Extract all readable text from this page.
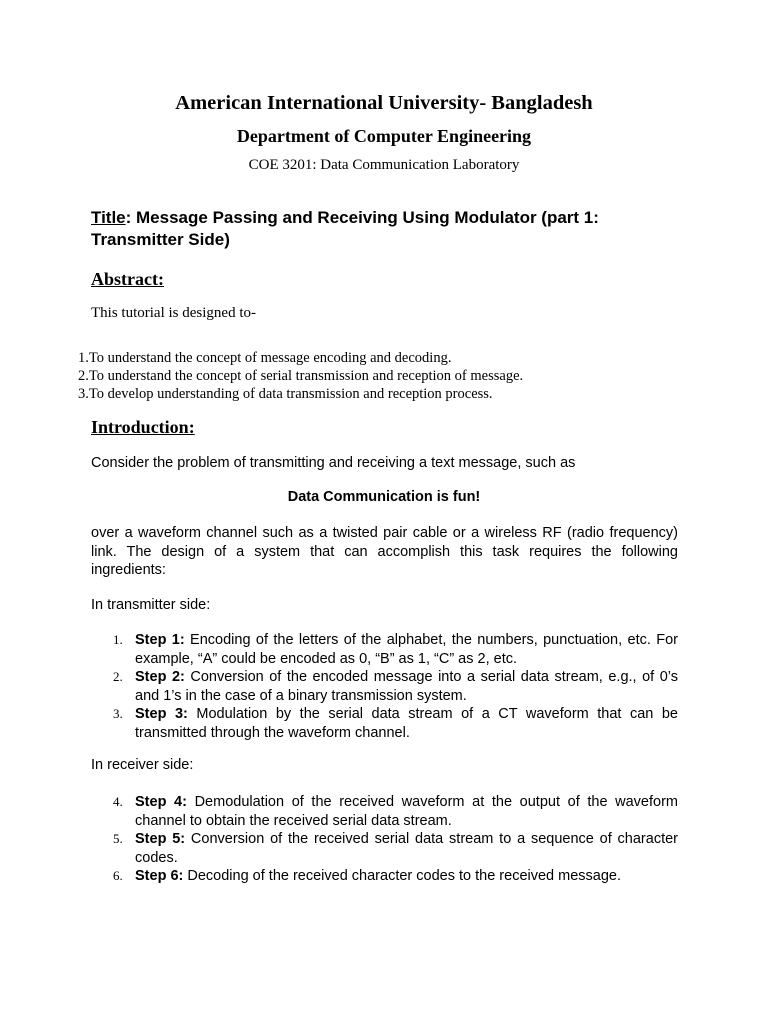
American International University- Bangladesh
Department of Computer Engineering
COE 3201: Data Communication Laboratory
Title: Message Passing and Receiving Using Modulator (part 1: Transmitter Side)
Abstract:
This tutorial is designed to-
1.To understand the concept of message encoding and decoding.
2.To understand the concept of serial transmission and reception of message.
3.To develop understanding of data transmission and reception process.
Introduction:
Consider the problem of transmitting and receiving a text message, such as
Data Communication is fun!
over a waveform channel such as a twisted pair cable or a wireless RF (radio frequency) link. The design of a system that can accomplish this task requires the following ingredients:
In transmitter side:
1. Step 1: Encoding of the letters of the alphabet, the numbers, punctuation, etc. For example, “A” could be encoded as 0, “B” as 1, “C” as 2, etc.
2. Step 2: Conversion of the encoded message into a serial data stream, e.g., of 0’s and 1’s in the case of a binary transmission system.
3. Step 3: Modulation by the serial data stream of a CT waveform that can be transmitted through the waveform channel.
In receiver side:
4. Step 4: Demodulation of the received waveform at the output of the waveform channel to obtain the received serial data stream.
5. Step 5: Conversion of the received serial data stream to a sequence of character codes.
6. Step 6: Decoding of the received character codes to the received message.
